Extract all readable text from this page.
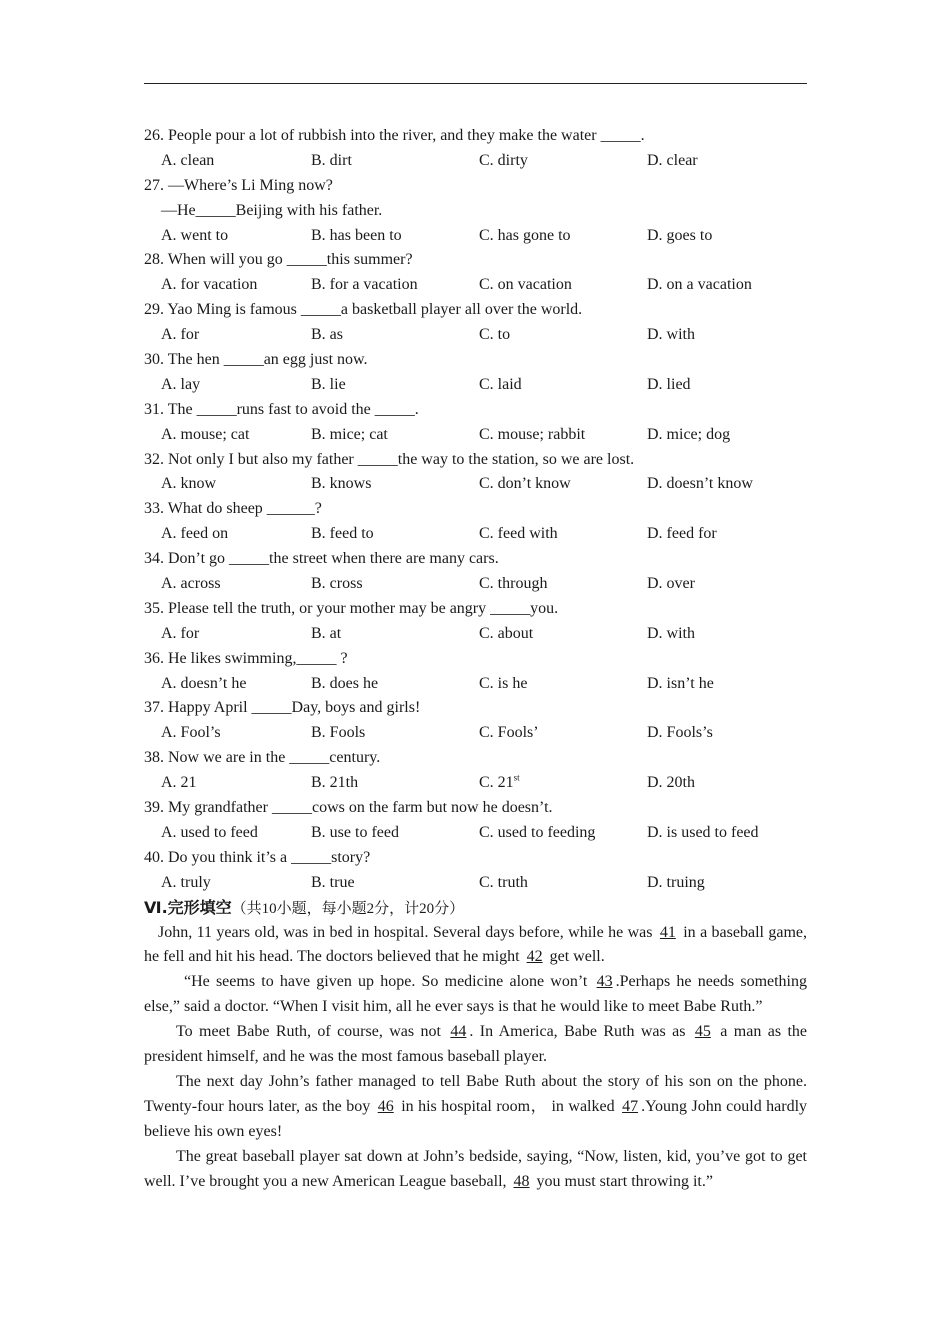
26. People pour a lot of rubbish into the river, and they make the water _____.
A. clean	B. dirt	C. dirty	D. clear
27. —Where’s Li Ming now?
—He_____Beijing with his father.
A. went to	B. has been to	C. has gone to	D. goes to
28. When will you go _____this summer?
A. for vacation	B. for a vacation	C. on vacation	D. on a vacation
29. Yao Ming is famous _____a basketball player all over the world.
A. for	B. as	C. to	D. with
30. The hen _____an egg just now.
A. lay	B. lie	C. laid	D. lied
31. The _____runs fast to avoid the _____.
A. mouse; cat	B. mice; cat	C. mouse; rabbit	D. mice; dog
32. Not only I but also my father _____the way to the station, so we are lost.
A. know	B. knows	C. don’t know	D. doesn’t know
33. What do sheep ______?
A. feed on	B. feed to	C. feed with	D. feed for
34. Don’t go _____the street when there are many cars.
A. across	B. cross	C. through	D. over
35. Please tell the truth, or your mother may be angry _____you.
A. for	B. at	C. about	D. with
36. He likes swimming,_____ ?
A. doesn’t he	B. does he	C. is he	D. isn’t he
37. Happy April _____Day, boys and girls!
A. Fool’s	B. Fools	C. Fools’	D. Fools’s
38. Now we are in the _____century.
A. 21	B. 21th	C. 21st	D. 20th
39. My grandfather _____cows on the farm but now he doesn’t.
A. used to feed	B. use to feed	C. used to feeding	D. is used to feed
40. Do you think it’s a _____story?
A. truly	B. true	C. truth	D. truing
Ⅵ.完形填空（共10小题，每小题2分，计20分）
John, 11 years old, was in bed in hospital. Several days before, while he was 41 in a baseball game, he fell and hit his head. The doctors believed that he might 42 get well.
“He seems to have given up hope. So medicine alone won’t 43 .Perhaps he needs something else,” said a doctor. “When I visit him, all he ever says is that he would like to meet Babe Ruth.”
To meet Babe Ruth, of course, was not 44 . In America, Babe Ruth was as 45 a man as the president himself, and he was the most famous baseball player.
The next day John’s father managed to tell Babe Ruth about the story of his son on the phone. Twenty-four hours later, as the boy 46 in his hospital room， in walked 47 .Young John could hardly believe his own eyes!
The great baseball player sat down at John’s bedside, saying, “Now, listen, kid, you’ve got to get well. I’ve brought you a new American League baseball, 48 you must start throwing it.”
